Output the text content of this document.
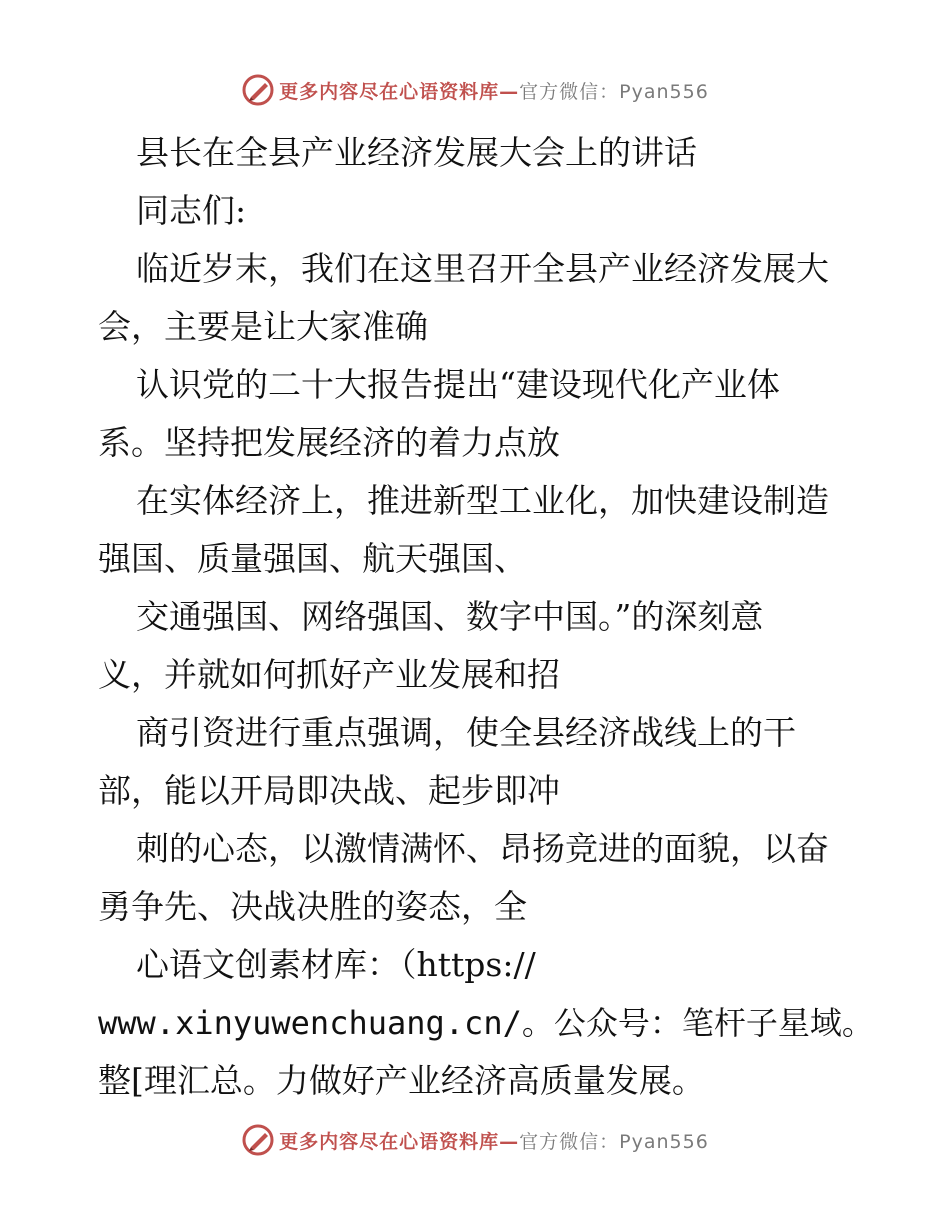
更多内容尽在心语资料库— 官方微信：Pyan556
县长在全县产业经济发展大会上的讲话
同志们:
临近岁末，我们在这里召开全县产业经济发展大
会，主要是让大家准确
认识党的二十大报告提出“建设现代化产业体
系。坚持把发展经济的着力点放
在实体经济上，推进新型工业化，加快建设制造
强国、质量强国、航天强国、
交通强国、网络强国、数字中国。”的深刻意
义，并就如何抓好产业发展和招
商引资进行重点强调，使全县经济战线上的干
部，能以开局即决战、起步即冲
刺的心态，以激情满怀、昂扬竞进的面貌，以奋
勇争先、决战决胜的姿态，全
心语文创素材库：（https://
www.xinyuwenchuang.cn/。公众号：笔杆子星域。
整[理汇总。力做好产业经济高质量发展。
更多内容尽在心语资料库— 官方微信：Pyan556
